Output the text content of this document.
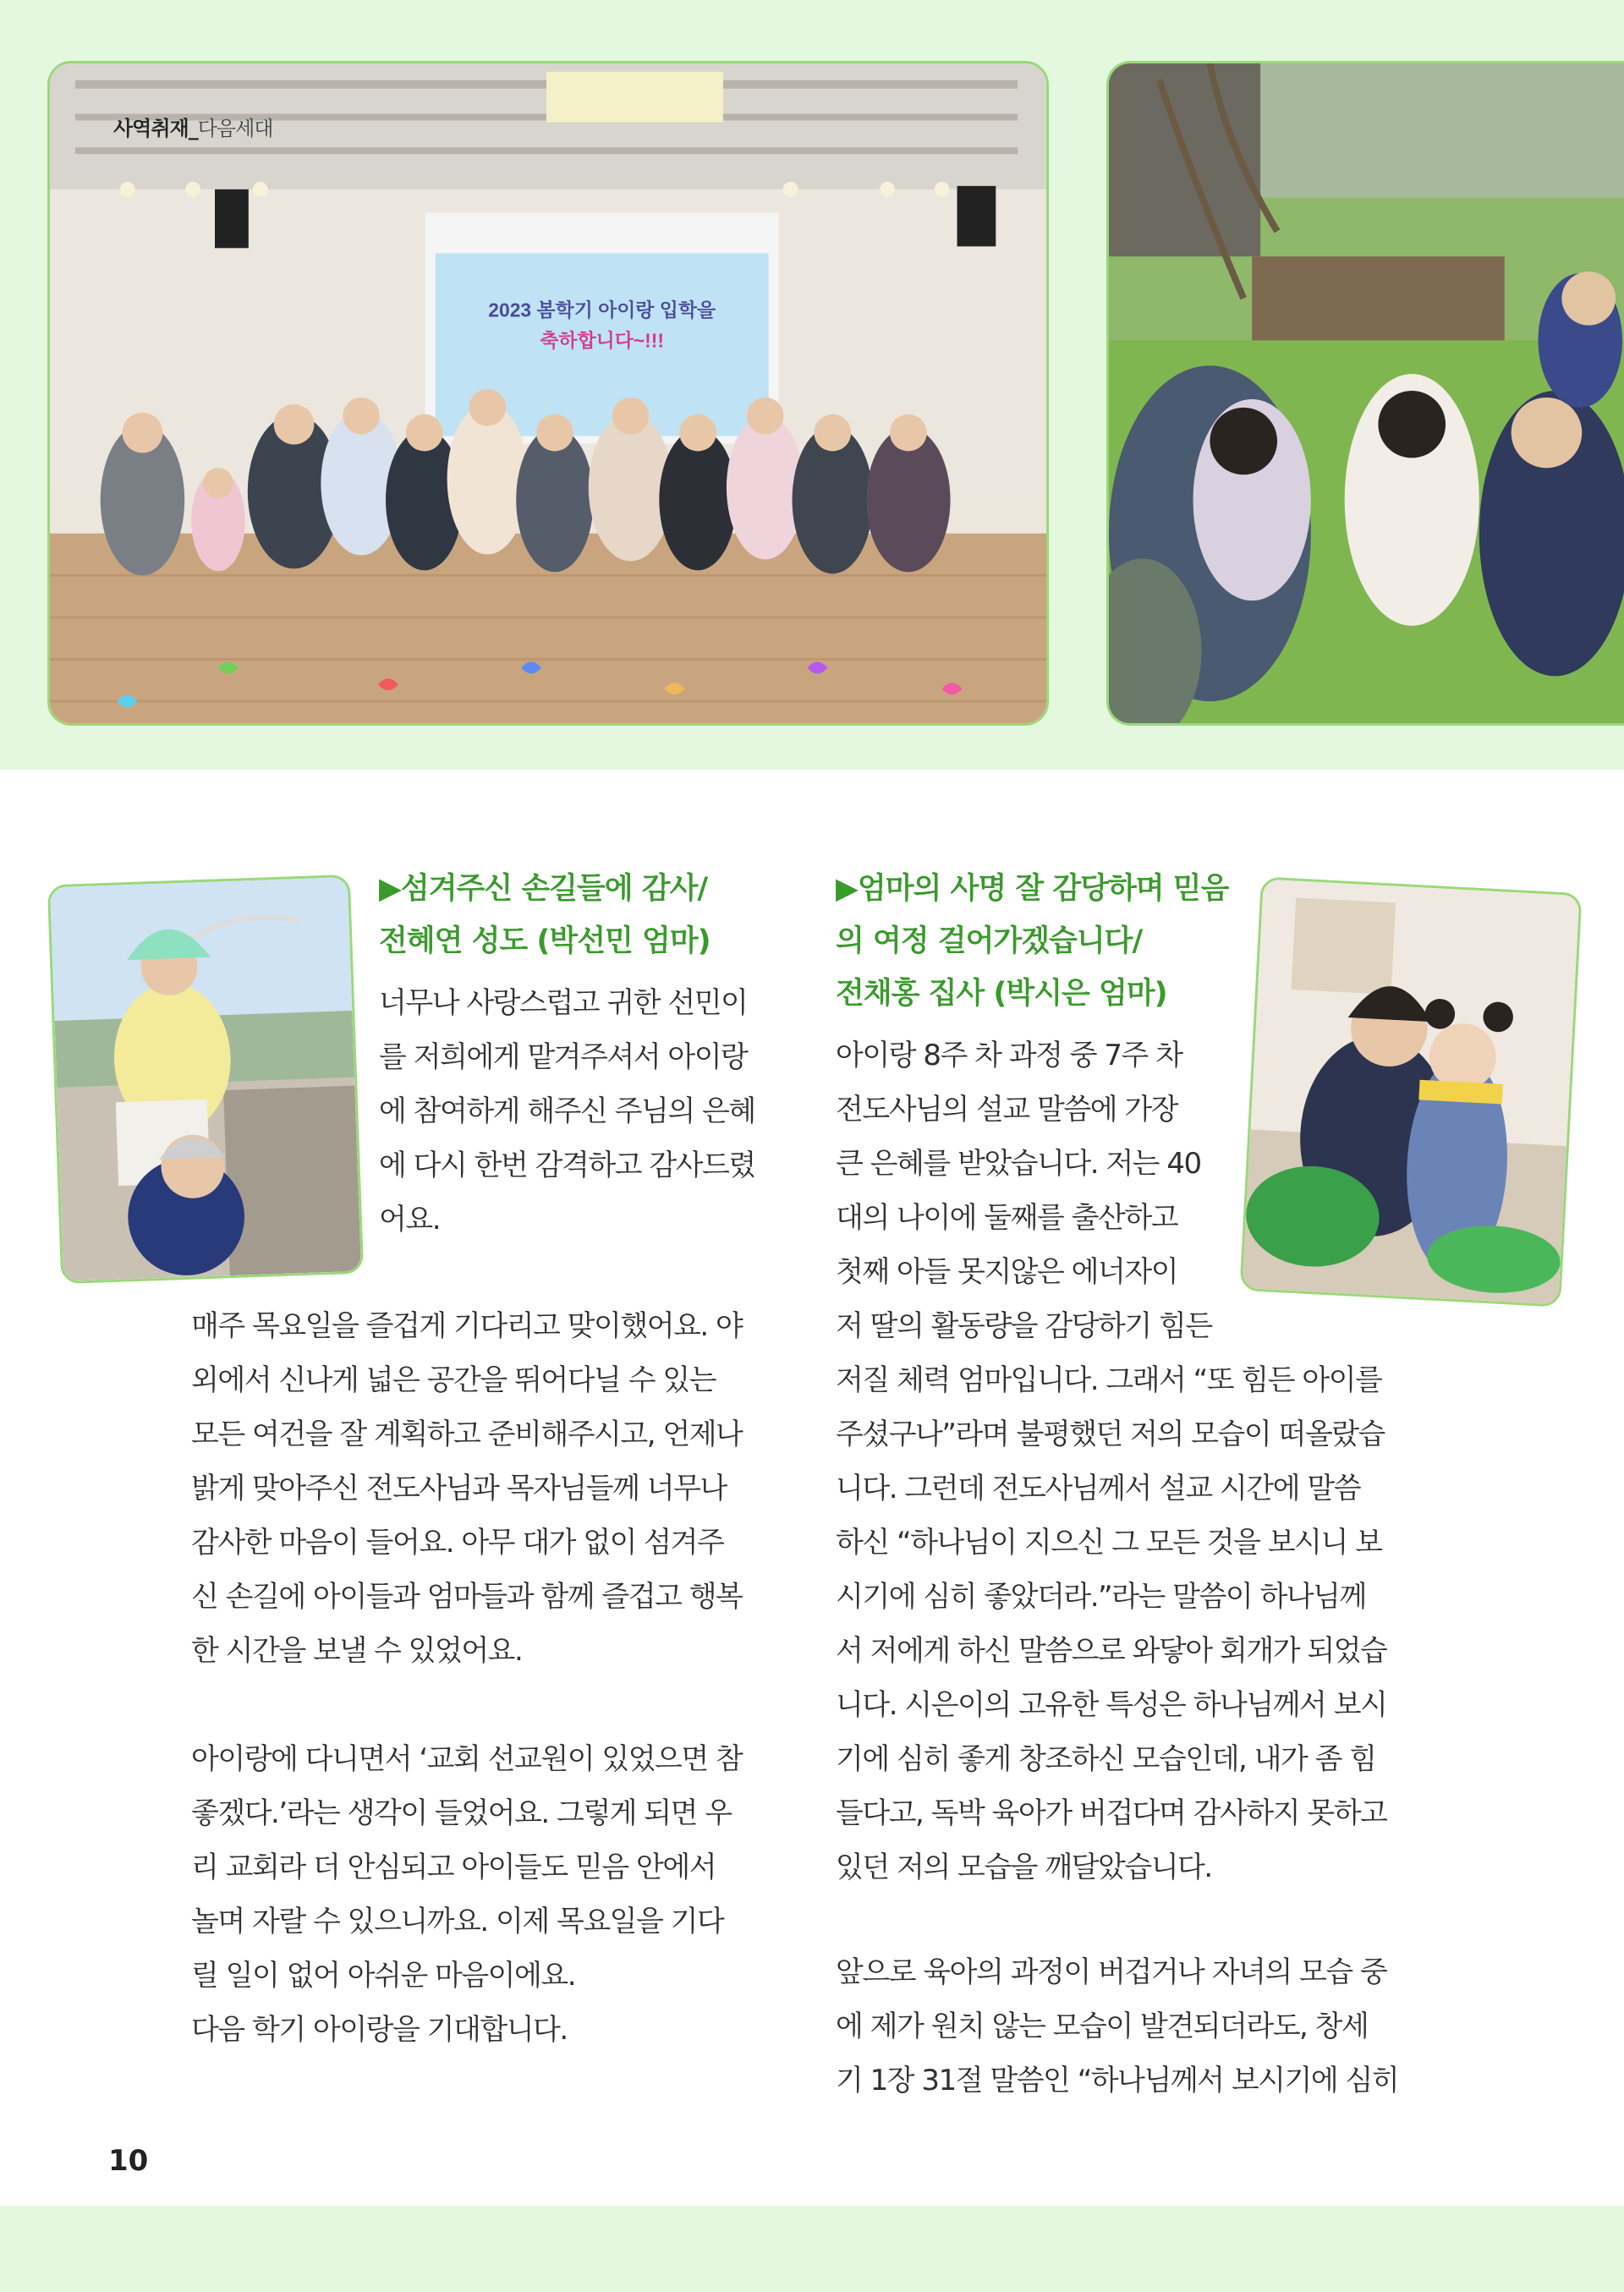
사역취재_다음세대
2023 봄학기 아이랑 입학을
축하합니다~!!!
▶섬겨주신 손길들에 감사/
전혜연 성도 (박선민 엄마)
너무나 사랑스럽고 귀한 선민이
를 저희에게 맡겨주셔서 아이랑
에 참여하게 해주신 주님의 은혜
에 다시 한번 감격하고 감사드렸
어요.
매주 목요일을 즐겁게 기다리고 맞이했어요. 야
외에서 신나게 넓은 공간을 뛰어다닐 수 있는
모든 여건을 잘 계획하고 준비해주시고, 언제나
밝게 맞아주신 전도사님과 목자님들께 너무나
감사한 마음이 들어요. 아무 대가 없이 섬겨주
신 손길에 아이들과 엄마들과 함께 즐겁고 행복
한 시간을 보낼 수 있었어요.
아이랑에 다니면서 ‘교회 선교원이 있었으면 참
좋겠다.’라는 생각이 들었어요. 그렇게 되면 우
리 교회라 더 안심되고 아이들도 믿음 안에서
놀며 자랄 수 있으니까요. 이제 목요일을 기다
릴 일이 없어 아쉬운 마음이에요.
다음 학기 아이랑을 기대합니다.
▶엄마의 사명 잘 감당하며 믿음
의 여정 걸어가겠습니다/
전채홍 집사 (박시은 엄마)
아이랑 8주 차 과정 중 7주 차
전도사님의 설교 말씀에 가장
큰 은혜를 받았습니다. 저는 40
대의 나이에 둘째를 출산하고
첫째 아들 못지않은 에너자이
저 딸의 활동량을 감당하기 힘든
저질 체력 엄마입니다. 그래서 “또 힘든 아이를
주셨구나”라며 불평했던 저의 모습이 떠올랐습
니다. 그런데 전도사님께서 설교 시간에 말씀
하신 “하나님이 지으신 그 모든 것을 보시니 보
시기에 심히 좋았더라.”라는 말씀이 하나님께
서 저에게 하신 말씀으로 와닿아 회개가 되었습
니다. 시은이의 고유한 특성은 하나님께서 보시
기에 심히 좋게 창조하신 모습인데, 내가 좀 힘
들다고, 독박 육아가 버겁다며 감사하지 못하고
있던 저의 모습을 깨달았습니다.
앞으로 육아의 과정이 버겁거나 자녀의 모습 중
에 제가 원치 않는 모습이 발견되더라도, 창세
기 1장 31절 말씀인 “하나님께서 보시기에 심히
10
